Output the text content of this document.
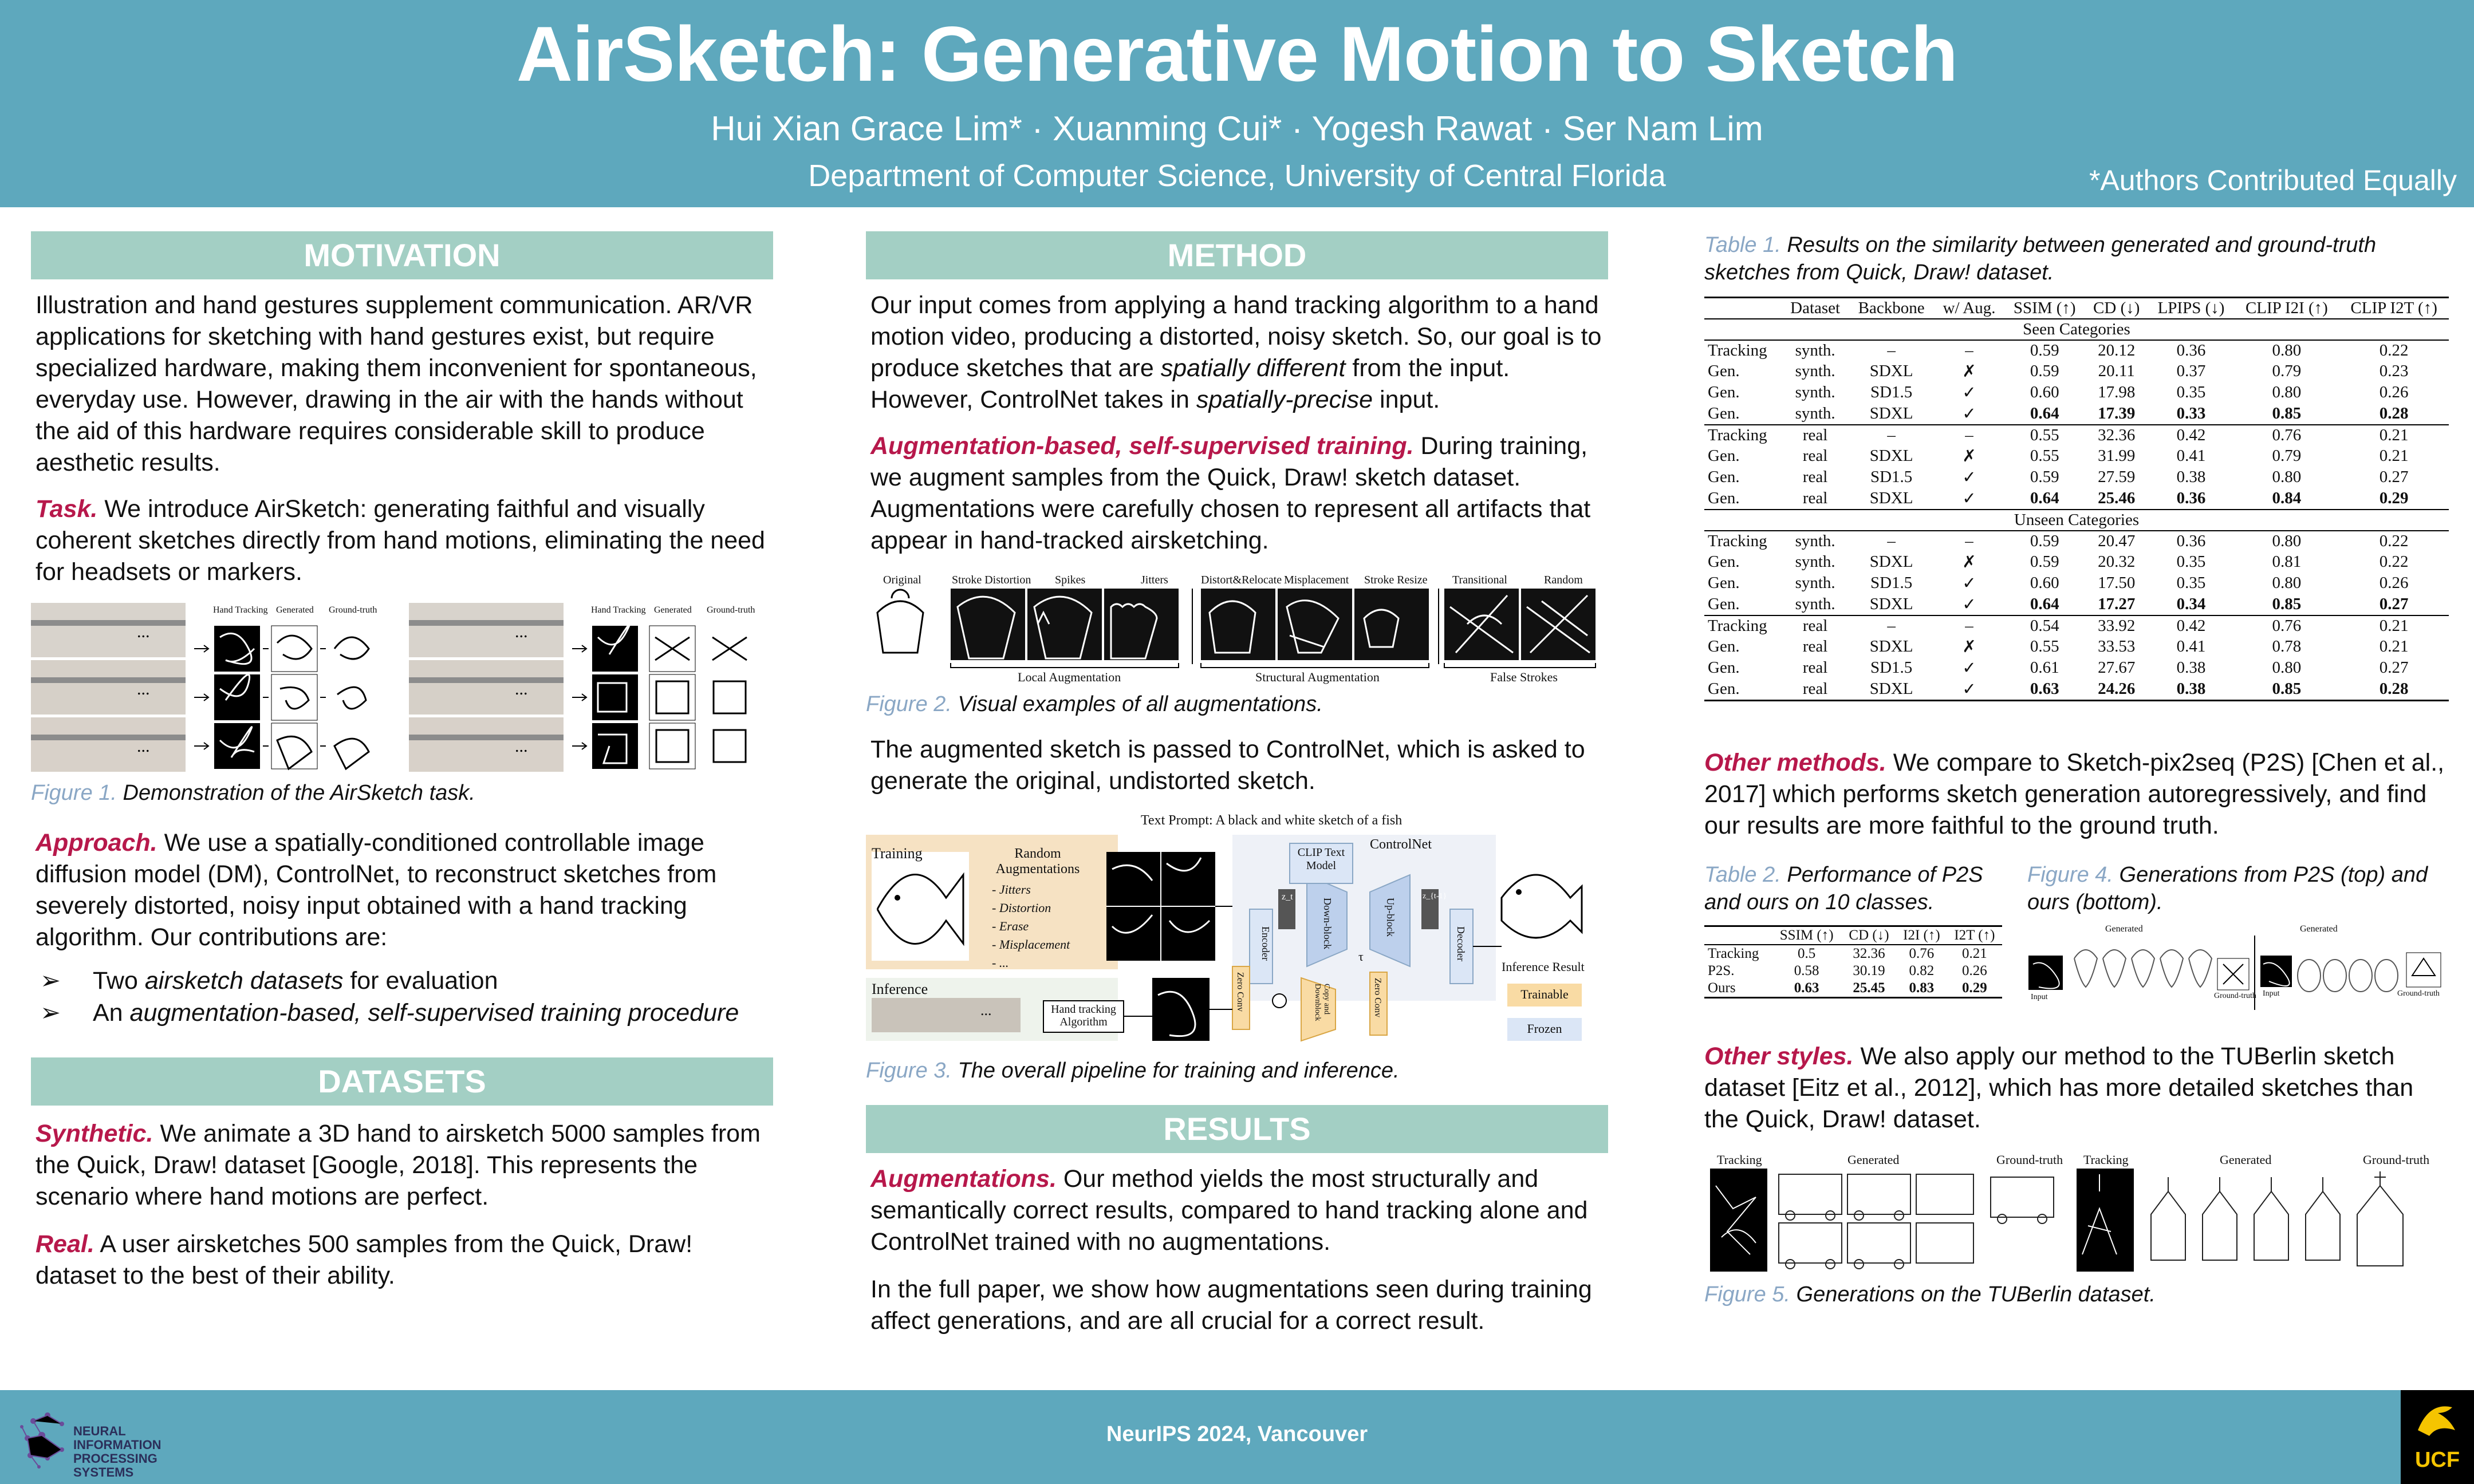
AirSketch: Generative Motion to Sketch
Hui Xian Grace Lim* · Xuanming Cui* · Yogesh Rawat · Ser Nam Lim
Department of Computer Science, University of Central Florida	*Authors Contributed Equally
MOTIVATION

Illustration and hand gestures supplement communication. AR/VR applications for sketching with hand gestures exist, but require specialized hardware, making them inconvenient for spontaneous, everyday use. However, drawing in the air with the hands without the aid of this hardware requires considerable skill to produce aesthetic results.

Task. We introduce AirSketch: generating faithful and visually coherent sketches directly from hand motions, eliminating the need for headsets or markers.

...
...
...
...
...
...
Hand Tracking Generated Ground-truth	Hand Tracking Generated Ground-truth

Figure 1. Demonstration of the AirSketch task.

Approach. We use a spatially-conditioned controllable image diffusion model (DM), ControlNet, to reconstruct sketches from severely distorted, noisy input obtained with a hand tracking algorithm. Our contributions are:

➢ Two airsketch datasets for evaluation
➢ An augmentation-based, self-supervised training procedure
DATASETS

Synthetic. We animate a 3D hand to airsketch 5000 samples from the Quick, Draw! dataset [Google, 2018]. This represents the scenario where hand motions are perfect.

Real. A user airsketches 500 samples from the Quick, Draw! dataset to the best of their ability.

METHOD

Our input comes from applying a hand tracking algorithm to a hand motion video, producing a distorted, noisy sketch. So, our goal is to produce sketches that are spatially different from the input. However, ControlNet takes in spatially-precise input.

Augmentation-based, self-supervised training. During training, we augment samples from the Quick, Draw! sketch dataset. Augmentations were carefully chosen to represent all artifacts that appear in hand-tracked airsketching.

Original	Stroke Distortion Spikes	Jitters	Distort&Relocate Misplacement Stroke Resize Transitional	Random
Local Augmentation	Structural Augmentation	False Strokes

Figure 2. Visual examples of all augmentations.

The augmented sketch is passed to ControlNet, which is asked to generate the original, undistorted sketch.

Text Prompt: A black and white sketch of a fish
Training	Random Augmentations
- Jitters
- Distortion
- Erase
- Misplacement
- ...
CLIP Text Model
ControlNet
Encoder	Down-block	Up-block
Decoder
z_t	z_{t-1}
τ
Inference
...	Hand tracking Algorithm
Zero Conv	Copy and Downblock	Zero Conv
Inference Result
Trainable
Frozen

Figure 3. The overall pipeline for training and inference.

RESULTS

Augmentations. Our method yields the most structurally and semantically correct results, compared to hand tracking alone and ControlNet trained with no augmentations.

In the full paper, we show how augmentations seen during training affect generations, and are all crucial for a correct result.

Table 1. Results on the similarity between generated and ground-truth sketches from Quick, Draw! dataset.

	Dataset	Backbone	w/ Aug.	SSIM (↑)	CD (↓)	LPIPS (↓)	CLIP I2I (↑)	CLIP I2T (↑)
Seen Categories								
Tracking	synth.	–	–	0.59	20.12	0.36	0.80	0.22
Gen.	synth.	SDXL	✗	0.59	20.11	0.37	0.79	0.23
Gen.	synth.	SD1.5	✓	0.60	17.98	0.35	0.80	0.26
Gen.	synth.	SDXL	✓	0.64	17.39	0.33	0.85	0.28
Tracking	real	–	–	0.55	32.36	0.42	0.76	0.21
Gen.	real	SDXL	✗	0.55	31.99	0.41	0.79	0.21
Gen.	real	SD1.5	✓	0.59	27.59	0.38	0.80	0.27
Gen.	real	SDXL	✓	0.64	25.46	0.36	0.84	0.29
Unseen Categories								
Tracking	synth.	–	–	0.59	20.47	0.36	0.80	0.22
Gen.	synth.	SDXL	✗	0.59	20.32	0.35	0.81	0.22
Gen.	synth.	SD1.5	✓	0.60	17.50	0.35	0.80	0.26
Gen.	synth.	SDXL	✓	0.64	17.27	0.34	0.85	0.27
Tracking	real	–	–	0.54	33.92	0.42	0.76	0.21
Gen.	real	SDXL	✗	0.55	33.53	0.41	0.78	0.21
Gen.	real	SD1.5	✓	0.61	27.67	0.38	0.80	0.27
Gen.	real	SDXL	✓	0.63	24.26	0.38	0.85	0.28

Other methods. We compare to Sketch-pix2seq (P2S) [Chen et al., 2017] which performs sketch generation autoregressively, and find our results are more faithful to the ground truth.

Table 2. Performance of P2S and ours on 10 classes.

	SSIM (↑)	CD (↓)	I2I (↑)	I2T (↑)
Tracking	0.5	32.36	0.76	0.21
P2S.	0.58	30.19	0.82	0.26
Ours	0.63	25.45	0.83	0.29

Figure 4. Generations from P2S (top) and ours (bottom).

Generated	Generated
Input	Ground-truth Input	Ground-truth

Other styles. We also apply our method to the TUBerlin sketch dataset [Eitz et al., 2012], which has more detailed sketches than the Quick, Draw! dataset.

Tracking	Generated	Ground-truth Tracking	Generated	Ground-truth

Figure 5. Generations on the TUBerlin dataset.

NEURAL INFORMATION PROCESSING SYSTEMS
NeurIPS 2024, Vancouver
UCF
